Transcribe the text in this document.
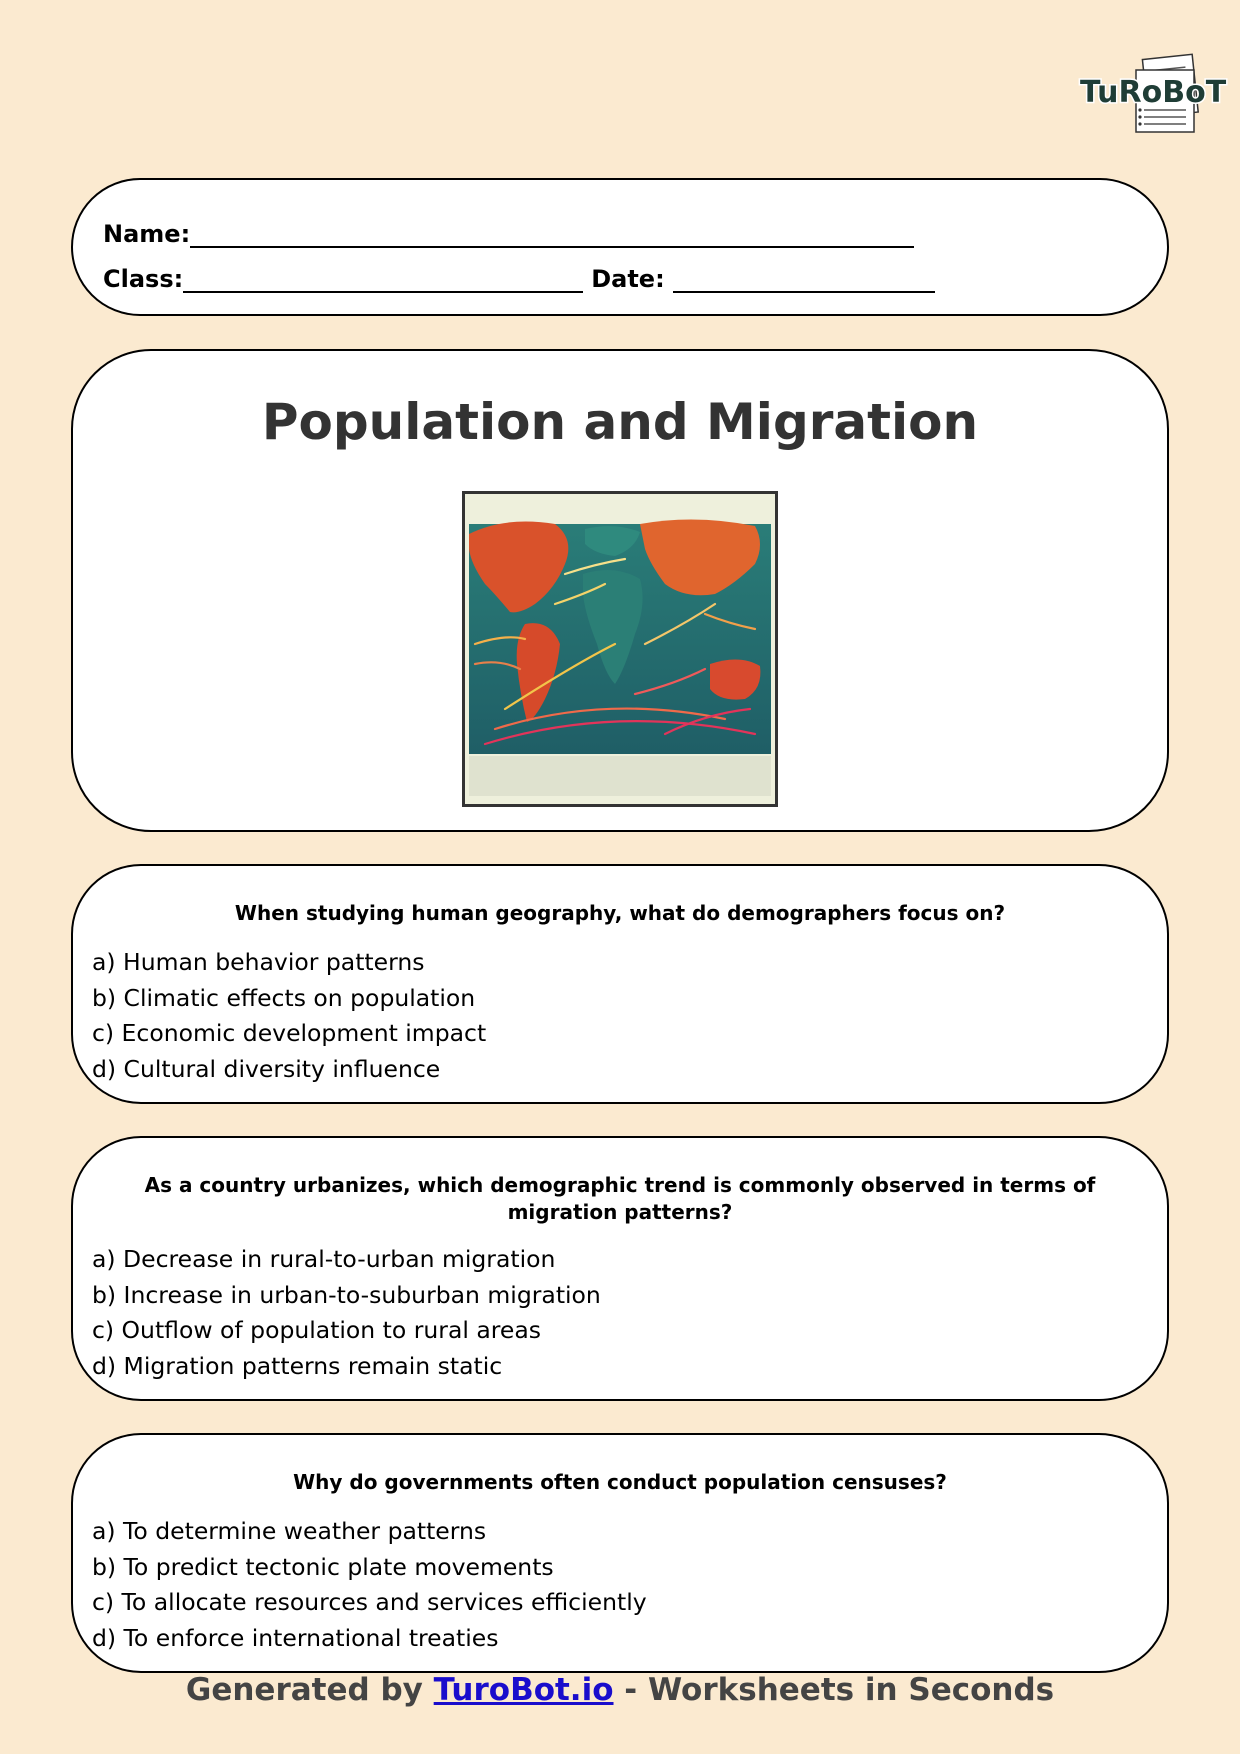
TuRoBoT
Name:
Class:	Date:
Population and Migration
When studying human geography, what do demographers focus on?
a) Human behavior patterns
b) Climatic effects on population
c) Economic development impact
d) Cultural diversity influence
As a country urbanizes, which demographic trend is commonly observed in terms of migration patterns?
a) Decrease in rural-to-urban migration
b) Increase in urban-to-suburban migration
c) Outflow of population to rural areas
d) Migration patterns remain static
Why do governments often conduct population censuses?
a) To determine weather patterns
b) To predict tectonic plate movements
c) To allocate resources and services efficiently
d) To enforce international treaties
Generated by TuroBot.io - Worksheets in Seconds
